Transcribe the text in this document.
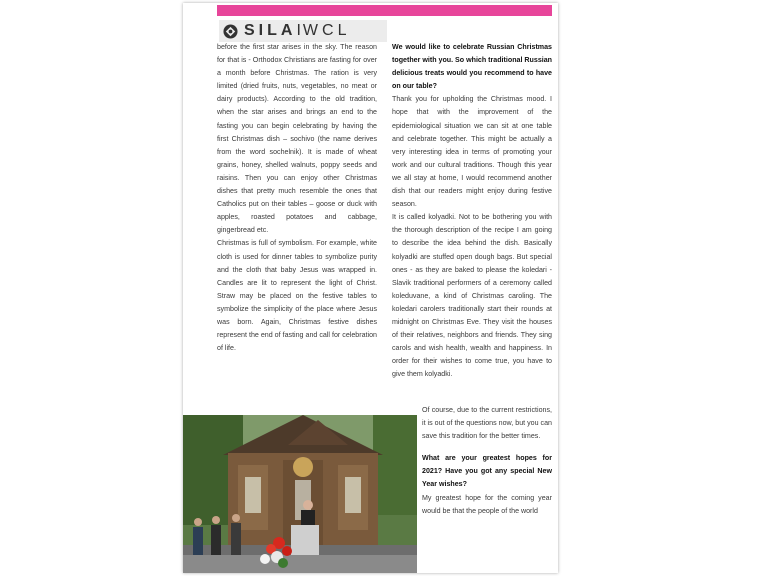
SILAIWCL

before the first star arises in the sky. The reason for that is - Orthodox Christians are fasting for over a month before Christmas. The ration is very limited (dried fruits, nuts, vegetables, no meat or dairy products). According to the old tradition, when the star arises and brings an end to the fasting you can begin celebrating by having the first Christmas dish – sochivo (the name derives from the word sochelnik). It is made of wheat grains, honey, shelled walnuts, poppy seeds and raisins. Then you can enjoy other Christmas dishes that pretty much resemble the ones that Catholics put on their tables – goose or duck with apples, roasted potatoes and cabbage, gingerbread etc.

Christmas is full of symbolism. For example, white cloth is used for dinner tables to symbolize purity and the cloth that baby Jesus was wrapped in. Candles are lit to represent the light of Christ. Straw may be placed on the festive tables to symbolize the simplicity of the place where Jesus was born. Again, Christmas festive dishes represent the end of fasting and call for celebration of life.

We would like to celebrate Russian Christmas together with you. So which traditional Russian delicious treats would you recommend to have on our table?

Thank you for upholding the Christmas mood. I hope that with the improvement of the epidemiological situation we can sit at one table and celebrate together. This might be actually a very interesting idea in terms of promoting your work and our cultural traditions. Though this year we all stay at home, I would recommend another dish that our readers might enjoy during festive season.

It is called kolyadki. Not to be bothering you with the thorough description of the recipe I am going to describe the idea behind the dish. Basically kolyadki are stuffed open dough bags. But special ones - as they are baked to please the koledari - Slavik traditional performers of a ceremony called koleduvane, a kind of Christmas caroling. The koledari carolers traditionally start their rounds at midnight on Christmas Eve. They visit the houses of their relatives, neighbors and friends. They sing carols and wish health, wealth and happiness. In order for their wishes to come true, you have to give them kolyadki.

Of course, due to the current restrictions, it is out of the questions now, but you can save this tradition for the better times.

What are your greatest hopes for 2021? Have you got any special New Year wishes?

My greatest hope for the coming year would be that the people of the world
